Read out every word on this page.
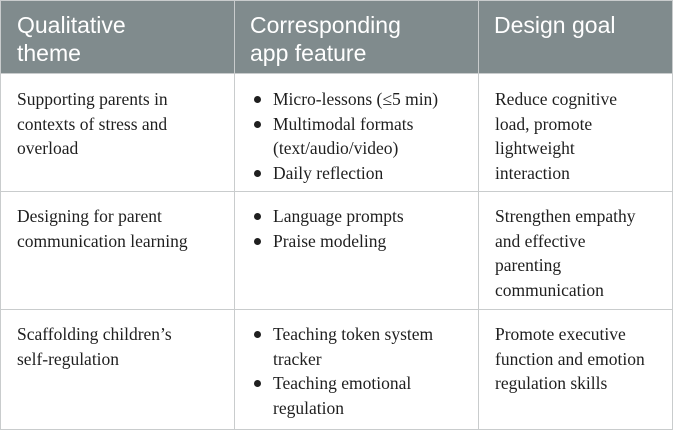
Qualitative
theme
Corresponding
app feature
Design goal
Supporting parents in
contexts of stress and
overload
Micro-lessons (≤5 min)
Multimodal formats
(text/audio/video)
Daily reflection
Reduce cognitive
load, promote
lightweight
interaction
Designing for parent
communication learning
Language prompts
Praise modeling
Strengthen empathy
and effective
parenting
communication
Scaffolding children’s
self-regulation
Teaching token system
tracker
Teaching emotional
regulation
Promote executive
function and emotion
regulation skills
